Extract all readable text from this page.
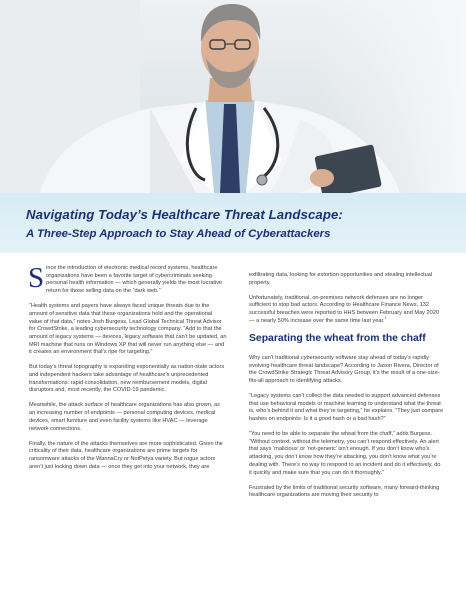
Navigating Today’s Healthcare Threat Landscape:
A Three-Step Approach to Stay Ahead of Cyberattackers

Since the introduction of electronic medical record systems, healthcare organizations have been a favorite target of cybercriminals seeking personal health information — which generally yields the most lucrative return for those selling data on the “dark web.”

“Health systems and payers have always faced unique threats due to the amount of sensitive data that these organizations hold and the operational value of that data,” notes Josh Burgess, Lead Global Technical Threat Advisor for CrowdStrike, a leading cybersecurity technology company. “Add to that the amount of legacy systems — devices, legacy software that can’t be updated, an MRI machine that runs on Windows XP that will never run anything else — and it creates an environment that’s ripe for targeting.”

But today’s threat topography is expanding exponentially as nation-state actors and independent hackers take advantage of healthcare’s unprecedented transformations: rapid consolidation, new reimbursement models, digital disruptors and, most recently, the COVID-19 pandemic.

Meanwhile, the attack surface of healthcare organizations has also grown, as an increasing number of endpoints — personal computing devices, medical devices, smart furniture and even facility systems like HVAC — leverage network connections.

Finally, the nature of the attacks themselves are more sophisticated. Given the criticality of their data, healthcare organizations are prime targets for ransomware attacks of the WannaCry or NotPetya variety. But rogue actors aren’t just locking down data — once they get into your network, they are

exfiltrating data, looking for extortion opportunities and stealing intellectual property.

Unfortunately, traditional, on-premises network defenses are no longer sufficient to stop bad actors. According to Healthcare Finance News, 132 successful breaches were reported to HHS between February and May 2020 — a nearly 50% increase over the same time last year.$^1$

Separating the wheat from the chaff

Why can’t traditional cybersecurity software stay ahead of today’s rapidly evolving healthcare threat landscape? According to Jason Rivera, Director of the CrowdStrike Strategic Threat Advisory Group, it’s the result of a one-size-fits-all approach to identifying attacks.

“Legacy systems can’t collect the data needed to support advanced defenses that use behavioral models or machine learning to understand what the threat is, who’s behind it and what they’re targeting,” he explains. “They just compare hashes on endpoints: Is it a good hash or a bad hash?”

“You need to be able to separate the wheat from the chaff,” adds Burgess. “Without context, without the telemetry, you can’t respond effectively. An alert that says ‘malicious’ or ‘not-generic’ isn’t enough. If you don’t know who’s attacking, you don’t know how they’re attacking, you don’t know what you’re dealing with. There’s no way to respond to an incident and do it effectively, do it quickly and make sure that you can do it thoroughly.”

Frustrated by the limits of traditional security software, many forward-thinking healthcare organizations are moving their security to
